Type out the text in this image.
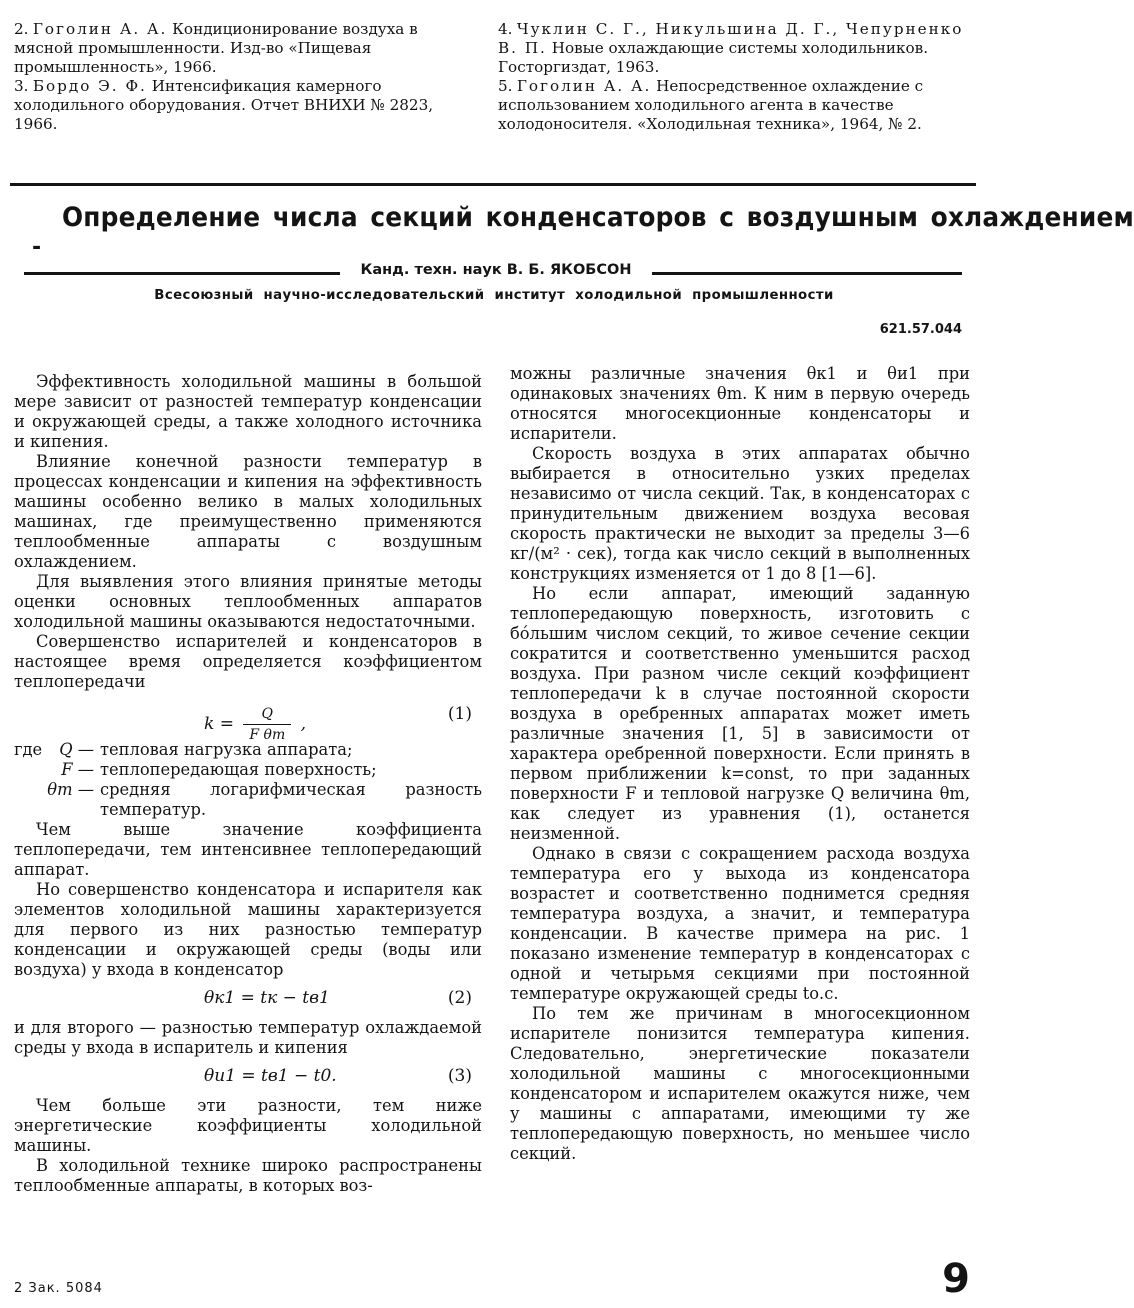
2. Гоголин А. А. Кондиционирование воздуха в мясной промышленности. Изд-во «Пищевая промышленность», 1966.

3. Бордо Э. Ф. Интенсификация камерного холодильного оборудования. Отчет ВНИХИ № 2823, 1966.

4. Чуклин С. Г., Никульшина Д. Г., Чепурненко В. П. Новые охлаждающие системы холодильников. Госторгиздат, 1963.

5. Гоголин А. А. Непосредственное охлаждение с использованием холодильного агента в качестве холодоносителя. «Холодильная техника», 1964, № 2.

‐
Определение числа секций конденсаторов с воздушным охлаждением
Канд. техн. наук В. Б. ЯКОБСОН
Всесоюзный научно-исследовательский институт холодильной промышленности
621.57.044

Эффективность холодильной машины в большой мере зависит от разностей температур конденсации и окружающей среды, а также холодного источника и кипения.

Влияние конечной разности температур в процессах конденсации и кипения на эффективность машины особенно велико в малых холодильных машинах, где преимущественно применяются теплообменные аппараты с воздушным охлаждением.

Для выявления этого влияния принятые методы оценки основных теплообменных аппаратов холодильной машины оказываются недостаточными.

Совершенство испарителей и конденсаторов в настоящее время определяется коэффициентом теплопередачи

$k = \frac{Q}{\text{F θm}}$ ,	(1)
где	Q — тепловая нагрузка аппарата;
F — теплопередающая поверхность;
θm — средняя логарифмическая разность температур.

Чем выше значение коэффициента теплопередачи, тем интенсивнее теплопередающий аппарат.

Но совершенство конденсатора и испарителя как элементов холодильной машины характеризуется для первого из них разностью температур конденсации и окружающей среды (воды или воздуха) у входа в конденсатор

θк1 = tк − tв1	(2)

и для второго — разностью температур охлаждаемой среды у входа в испаритель и кипения

θи1 = tв1 − t0.	(3)

Чем больше эти разности, тем ниже энергетические коэффициенты холодильной машины.

В холодильной технике широко распространены теплообменные аппараты, в которых воз-

можны различные значения θк1 и θи1 при одинаковых значениях θm. К ним в первую очередь относятся многосекционные конденсаторы и испарители.

Скорость воздуха в этих аппаратах обычно выбирается в относительно узких пределах независимо от числа секций. Так, в конденсаторах с принудительным движением воздуха весовая скорость практически не выходит за пределы 3—6 кг/(м² · сек), тогда как число секций в выполненных конструкциях изменяется от 1 до 8 [1—6].

Но если аппарат, имеющий заданную теплопередающую поверхность, изготовить с бóльшим числом секций, то живое сечение секции сократится и соответственно уменьшится расход воздуха. При разном числе секций коэффициент теплопередачи k в случае постоянной скорости воздуха в оребренных аппаратах может иметь различные значения [1, 5] в зависимости от характера оребренной поверхности. Если принять в первом приближении k=const, то при заданных поверхности F и тепловой нагрузке Q величина θm, как следует из уравнения (1), останется неизменной.

Однако в связи с сокращением расхода воздуха температура его у выхода из конденсатора возрастет и соответственно поднимется средняя температура воздуха, а значит, и температура конденсации. В качестве примера на рис. 1 показано изменение температур в конденсаторах с одной и четырьмя секциями при постоянной температуре окружающей среды tо.с.

По тем же причинам в многосекционном испарителе понизится температура кипения. Следовательно, энергетические показатели холодильной машины с многосекционными конденсатором и испарителем окажутся ниже, чем у машины с аппаратами, имеющими ту же теплопередающую поверхность, но меньшее число секций.

2 Зак. 5084	9
